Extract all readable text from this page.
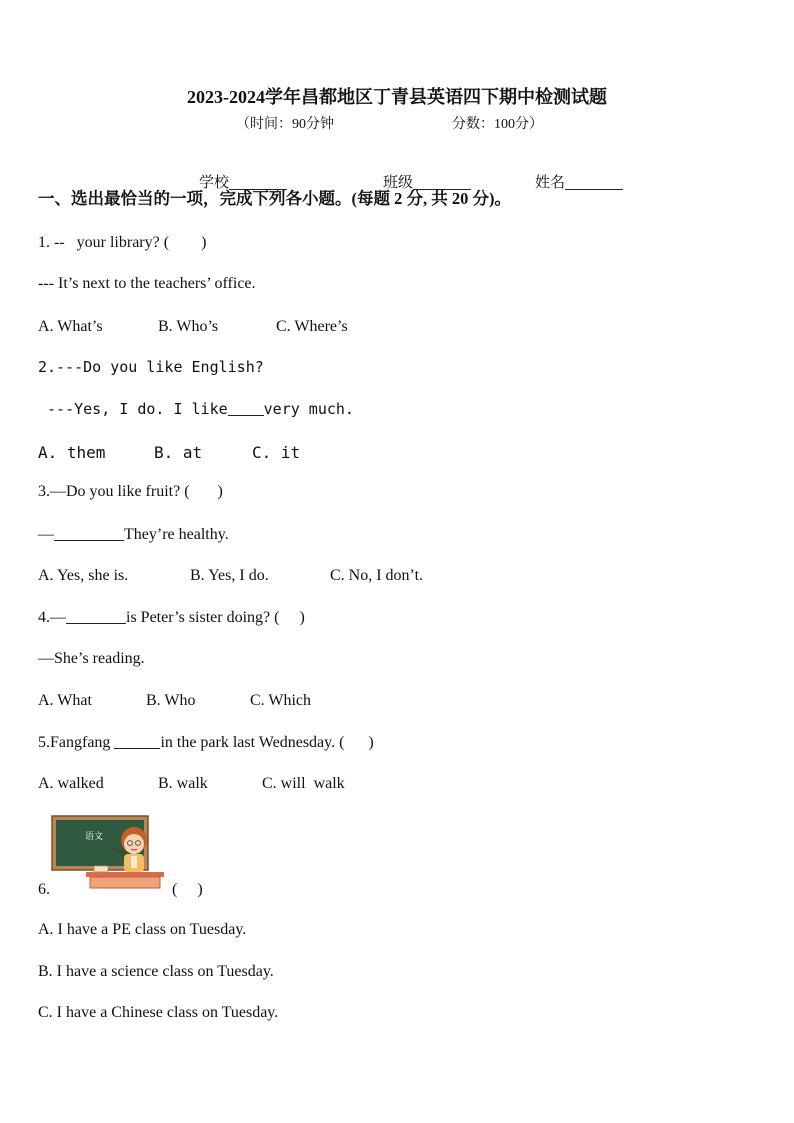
2023-2024学年昌都地区丁青县英语四下期中检测试题
（时间：90分钟	分数：100分）

学校
	班级
	姓名

一、选出最恰当的一项，完成下列各小题。(每题 2 分, 共 20 分)。
1. --   your library? (        )
--- It’s next to the teachers’ office.
A. What’s	B. Who’s	C. Where’s
2.---Do you like English?
---Yes, I do. I like very much.
A. them	B. at	C. it
3.—Do you like fruit? (       )
—	They’re healthy.
A. Yes, she is.	B. Yes, I do.	C. No, I don’t.
4.—	is Peter’s sister doing? (     )
—She’s reading.
A. What	B. Who	C. Which
5.Fangfang	in the park last Wednesday. (      )
A. walked	B. walk	C. will  walk
语文
6.	(     )
A. I have a PE class on Tuesday.
B. I have a science class on Tuesday.
C. I have a Chinese class on Tuesday.
